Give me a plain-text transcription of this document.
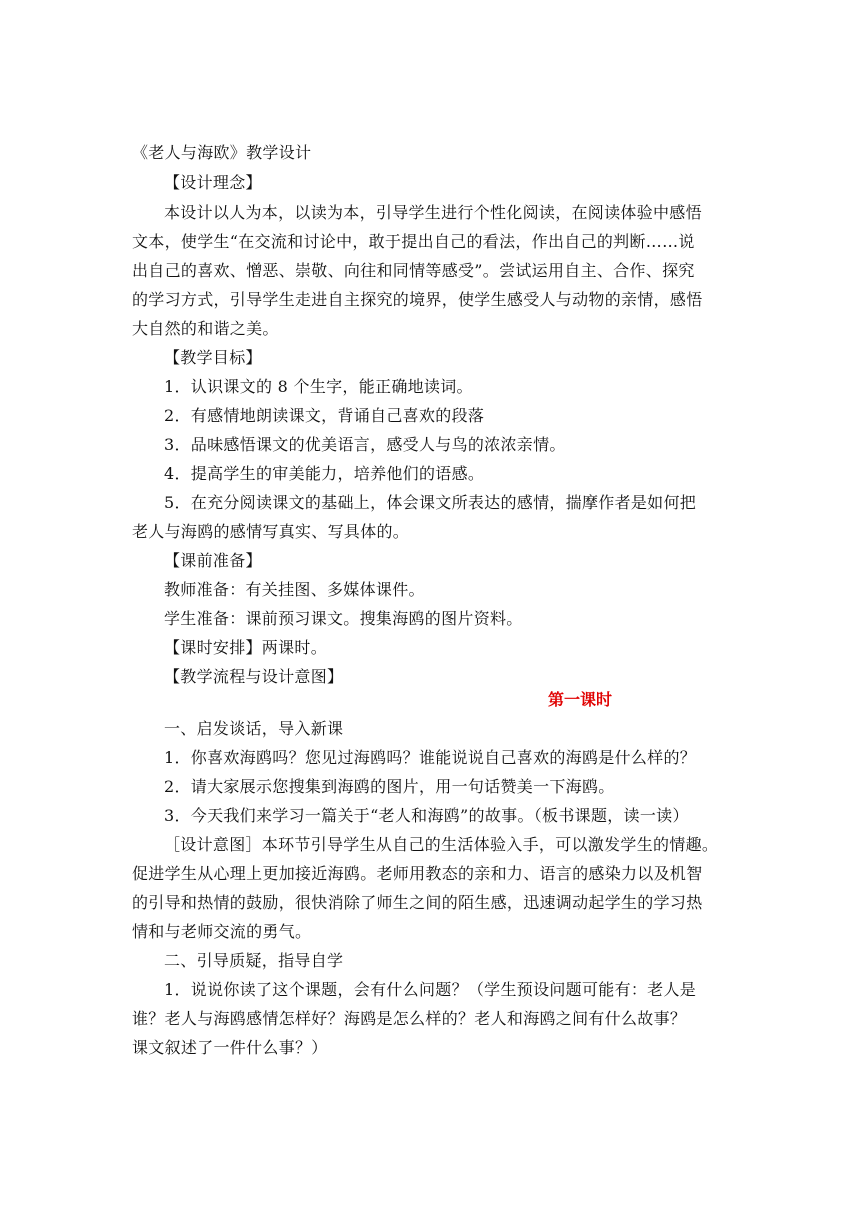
《老人与海欧》教学设计
【设计理念】
本设计以人为本，以读为本，引导学生进行个性化阅读，在阅读体验中感悟
文本，使学生“在交流和讨论中，敢于提出自己的看法，作出自己的判断……说
出自己的喜欢、憎恶、崇敬、向往和同情等感受”。尝试运用自主、合作、探究
的学习方式，引导学生走进自主探究的境界，使学生感受人与动物的亲情，感悟
大自然的和谐之美。
【教学目标】
1．认识课文的 8 个生字，能正确地读词。
2．有感情地朗读课文，背诵自己喜欢的段落
3．品味感悟课文的优美语言，感受人与鸟的浓浓亲情。
4．提高学生的审美能力，培养他们的语感。
5．在充分阅读课文的基础上，体会课文所表达的感情，揣摩作者是如何把
老人与海鸥的感情写真实、写具体的。
【课前准备】
教师准备：有关挂图、多媒体课件。
学生准备：课前预习课文。搜集海鸥的图片资料。
【课时安排】两课时。
【教学流程与设计意图】
第一课时
一、启发谈话，导入新课
1．你喜欢海鸥吗？您见过海鸥吗？谁能说说自己喜欢的海鸥是什么样的？
2．请大家展示您搜集到海鸥的图片，用一句话赞美一下海鸥。
3．今天我们来学习一篇关于“老人和海鸥”的故事。（板书课题，读一读）
［设计意图］本环节引导学生从自己的生活体验入手，可以激发学生的情趣。
促进学生从心理上更加接近海鸥。老师用教态的亲和力、语言的感染力以及机智
的引导和热情的鼓励，很快消除了师生之间的陌生感，迅速调动起学生的学习热
情和与老师交流的勇气。
二、引导质疑，指导自学
1．说说你读了这个课题，会有什么问题？（学生预设问题可能有：老人是
谁？老人与海鸥感情怎样好？海鸥是怎么样的？老人和海鸥之间有什么故事？
课文叙述了一件什么事？）
